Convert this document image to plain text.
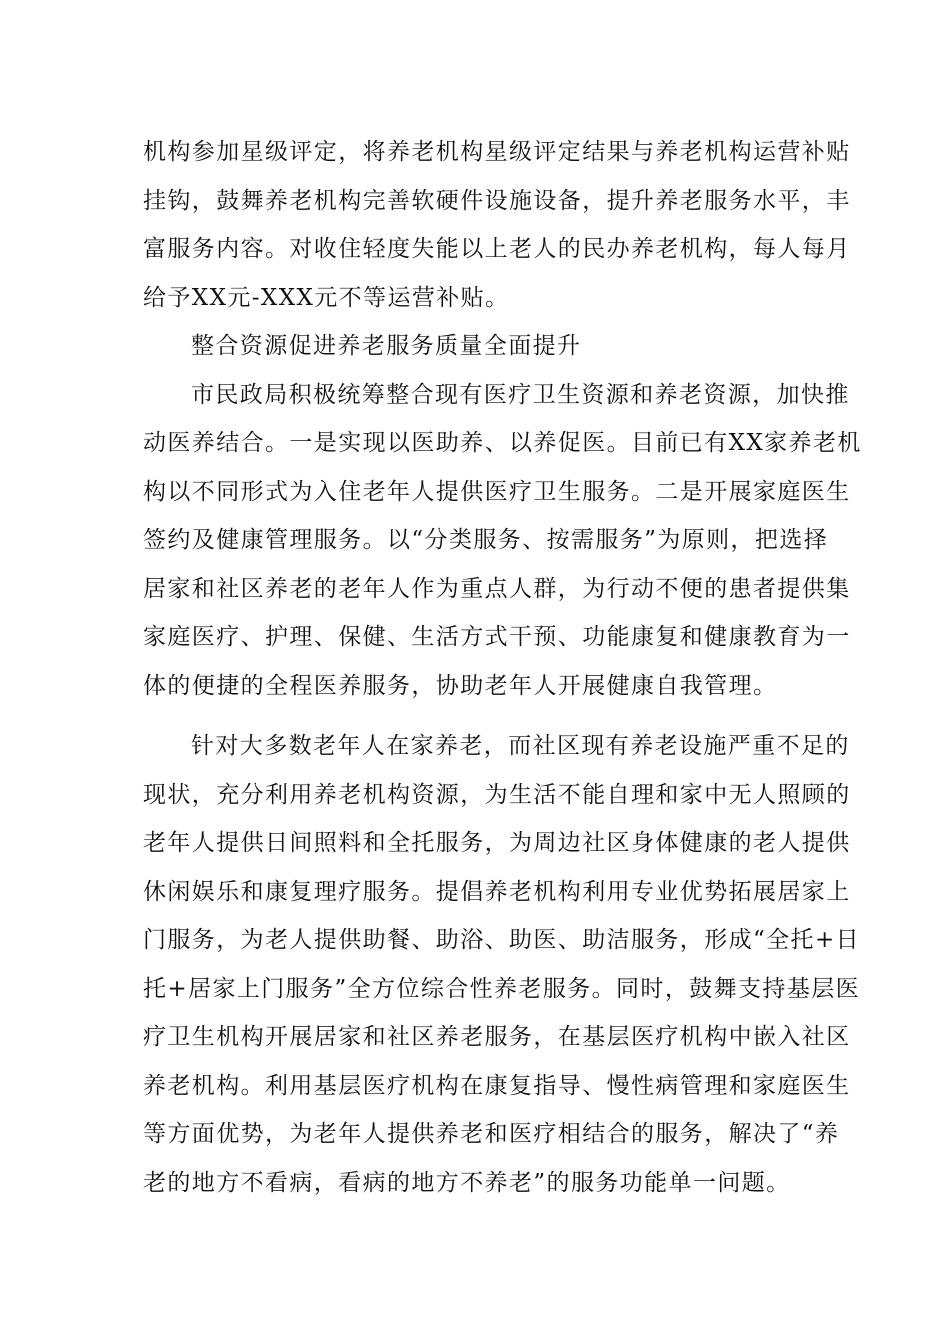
机构参加星级评定，将养老机构星级评定结果与养老机构运营补贴
挂钩，鼓舞养老机构完善软硬件设施设备，提升养老服务水平，丰
富服务内容。对收住轻度失能以上老人的民办养老机构，每人每月
给予XX元-XXX元不等运营补贴。
整合资源促进养老服务质量全面提升
市民政局积极统筹整合现有医疗卫生资源和养老资源，加快推
动医养结合。一是实现以医助养、以养促医。目前已有XX家养老机
构以不同形式为入住老年人提供医疗卫生服务。二是开展家庭医生
签约及健康管理服务。以“分类服务、按需服务”为原则，把选择
居家和社区养老的老年人作为重点人群，为行动不便的患者提供集
家庭医疗、护理、保健、生活方式干预、功能康复和健康教育为一
体的便捷的全程医养服务，协助老年人开展健康自我管理。
针对大多数老年人在家养老，而社区现有养老设施严重不足的
现状，充分利用养老机构资源，为生活不能自理和家中无人照顾的
老年人提供日间照料和全托服务，为周边社区身体健康的老人提供
休闲娱乐和康复理疗服务。提倡养老机构利用专业优势拓展居家上
门服务，为老人提供助餐、助浴、助医、助洁服务，形成“全托+日
托+居家上门服务”全方位综合性养老服务。同时，鼓舞支持基层医
疗卫生机构开展居家和社区养老服务，在基层医疗机构中嵌入社区
养老机构。利用基层医疗机构在康复指导、慢性病管理和家庭医生
等方面优势，为老年人提供养老和医疗相结合的服务，解决了“养
老的地方不看病，看病的地方不养老”的服务功能单一问题。
